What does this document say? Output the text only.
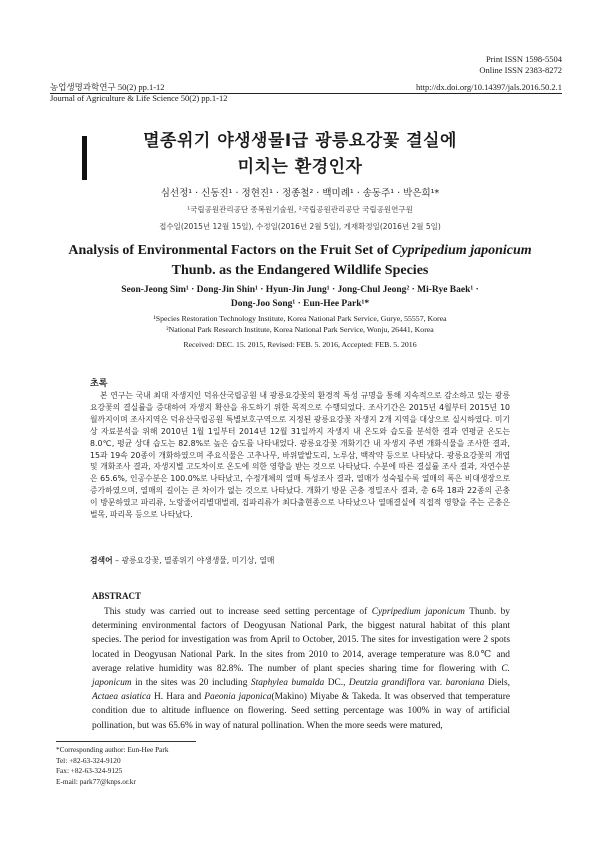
Print ISSN 1598-5504
Online ISSN 2383-8272
농업생명과학연구 50(2) pp.1-12
Journal of Agriculture & Life Science 50(2) pp.1-12
http://dx.doi.org/10.14397/jals.2016.50.2.1
멸종위기 야생생물Ⅰ급 광릉요강꽃 결실에
미치는 환경인자
심선정¹ · 신동진¹ · 정현진¹ · 정종철² · 백미례¹ · 송동주¹ · 박은희¹*
¹국립공원관리공단 종복원기술원, ²국립공원관리공단 국립공원연구원
접수일(2015년 12월 15일), 수정일(2016년 2월 5일), 게재확정일(2016년 2월 5일)
Analysis of Environmental Factors on the Fruit Set of Cypripedium japonicum Thunb. as the Endangered Wildlife Species
Seon-Jeong Sim¹ · Dong-Jin Shin¹ · Hyun-Jin Jung¹ · Jong-Chul Jeong² · Mi-Rye Baek¹ ·
Dong-Joo Song¹ · Eun-Hee Park¹*
¹Species Restoration Technology Institute, Korea National Park Service, Gurye, 55557, Korea
²National Park Research Institute, Korea National Park Service, Wonju, 26441, Korea
Received: DEC. 15. 2015, Revised: FEB. 5. 2016, Accepted: FEB. 5. 2016
초록
본 연구는 국내 최대 자생지인 덕유산국립공원 내 광릉요강꽃의 환경적 특성 규명을 통해 지속적으로 감소하고 있는 광릉요강꽃의 결실률을 증대하여 자생지 확산을 유도하기 위한 목적으로 수행되었다. 조사기간은 2015년 4월부터 2015년 10월까지이며 조사지역은 덕유산국립공원 특별보호구역으로 지정된 광릉요강꽃 자생지 2개 지역을 대상으로 실시하였다. 미기상 자료분석을 위해 2010년 1월 1일부터 2014년 12월 31일까지 자생지 내 온도와 습도를 분석한 결과 연평균 온도는 8.0℃, 평균 상대 습도는 82.8%로 높은 습도를 나타내었다. 광릉요강꽃 개화기간 내 자생지 주변 개화식물을 조사한 결과, 15과 19속 20종이 개화하였으며 주요식물은 고추나무, 바위말발도리, 노루삼, 백작약 등으로 나타났다. 광릉요강꽃의 개엽 및 개화조사 결과, 자생지별 고도차이로 온도에 의한 영향을 받는 것으로 나타났다. 수분에 따른 결실률 조사 결과, 자연수분은 65.6%, 인공수분은 100.0%로 나타났고, 수정개체의 열매 특성조사 결과, 열매가 성숙될수록 열매의 폭은 비대생장으로 증가하였으며, 열매의 길이는 큰 차이가 없는 것으로 나타났다. 개화기 방문 곤충 정밀조사 결과, 총 6목 18과 22종의 곤충이 방문하였고 파리류, 노랑줄어리별대벌레, 집파리류가 최다출현종으로 나타났으나 열매결실에 직접적 영향을 주는 곤충은 벌목, 파리목 등으로 나타났다.
검색어 – 광릉요강꽃, 멸종위기 야생생물, 미기상, 열매
ABSTRACT
This study was carried out to increase seed setting percentage of Cypripedium japonicum Thunb. by determining environmental factors of Deogyusan National Park, the biggest natural habitat of this plant species. The period for investigation was from April to October, 2015. The sites for investigation were 2 spots located in Deogyusan National Park. In the sites from 2010 to 2014, average temperature was 8.0℃ and average relative humidity was 82.8%. The number of plant species sharing time for flowering with C. japonicum in the sites was 20 including Staphylea bumalda DC., Deutzia grandiflora var. baroniana Diels, Actaea asiatica H. Hara and Paeonia japonica(Makino) Miyabe & Takeda. It was observed that temperature condition due to altitude influence on flowering. Seed setting percentage was 100% in way of artificial pollination, but was 65.6% in way of natural pollination. When the more seeds were matured,
*Corresponding author: Eun-Hee Park
Tel: +82-63-324-9120
Fax: +82-63-324-9125
E-mail: park77@knps.or.kr
